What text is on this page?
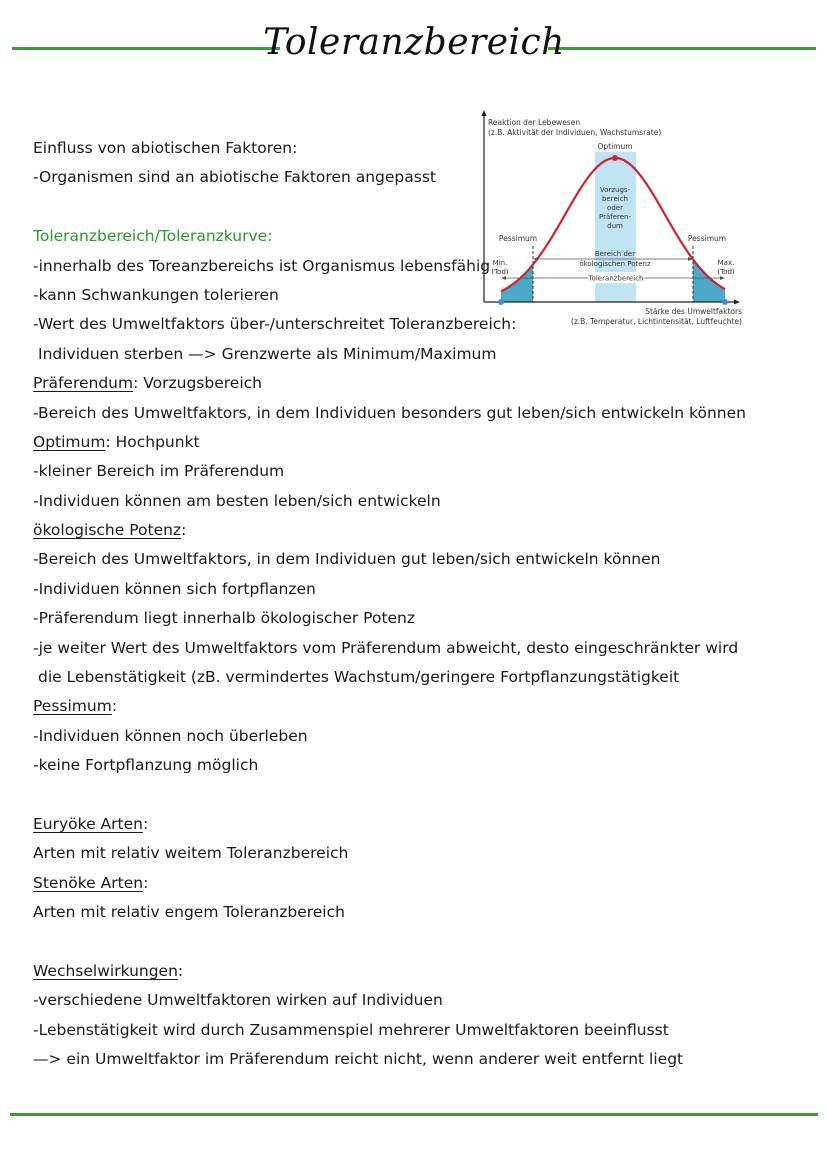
Toleranzbereich
Einfluss von abiotischen Faktoren:
-Organismen sind an abiotische Faktoren angepasst
Toleranzbereich/Toleranzkurve:
-innerhalb des Toreanzbereichs ist Organismus lebensfähig
-kann Schwankungen tolerieren
-Wert des Umweltfaktors über-/unterschreitet Toleranzbereich:
Individuen sterben —> Grenzwerte als Minimum/Maximum
Präferendum: Vorzugsbereich
-Bereich des Umweltfaktors, in dem Individuen besonders gut leben/sich entwickeln können
Optimum: Hochpunkt
-kleiner Bereich im Präferendum
-Individuen können am besten leben/sich entwickeln
ökologische Potenz:
-Bereich des Umweltfaktors, in dem Individuen gut leben/sich entwickeln können
-Individuen können sich fortpflanzen
-Präferendum liegt innerhalb ökologischer Potenz
-je weiter Wert des Umweltfaktors vom Präferendum abweicht, desto eingeschränkter wird
die Lebenstätigkeit (zB. vermindertes Wachstum/geringere Fortpflanzungstätigkeit
Pessimum:
-Individuen können noch überleben
-keine Fortpflanzung möglich
Euryöke Arten:
Arten mit relativ weitem Toleranzbereich
Stenöke Arten:
Arten mit relativ engem Toleranzbereich
Wechselwirkungen:
-verschiedene Umweltfaktoren wirken auf Individuen
-Lebenstätigkeit wird durch Zusammenspiel mehrerer Umweltfaktoren beeinflusst
—> ein Umweltfaktor im Präferendum reicht nicht, wenn anderer weit entfernt liegt
Reaktion der Lebewesen
(z.B. Aktivität der Individuen, Wachstumsrate)
Optimum
Vorzugs-
bereich
oder
Präferen-
dum
Pessimum	Pessimum
Min.
(Tod)
Max.
(Tod)
Bereich der
ökologischen Potenz
Toleranzbereich
Stärke des Umweltfaktors
(z.B. Temperatur, Lichtintensität, Luftfeuchte)
